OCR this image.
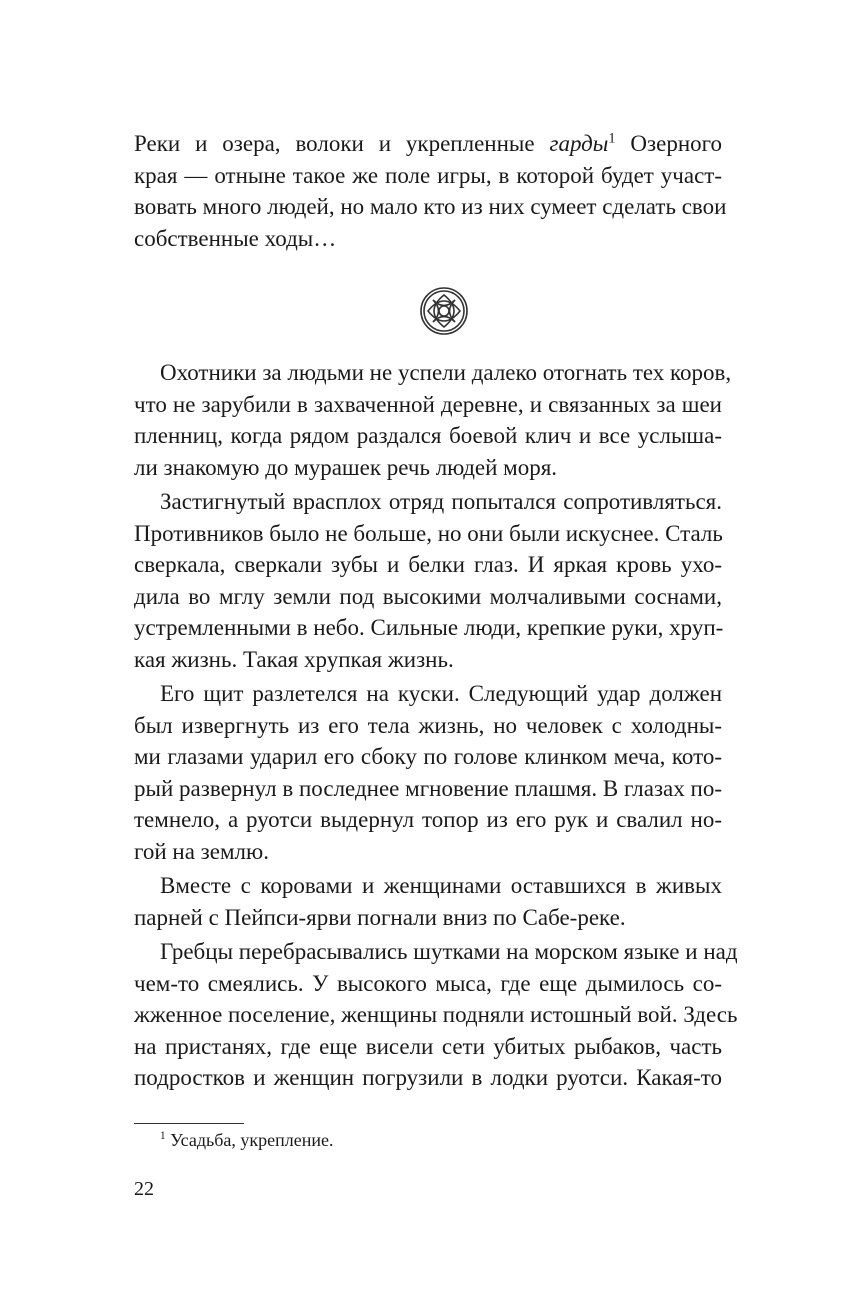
Реки и озера, волоки и укрепленные гарды$^1$ Озерного
края — отныне такое же поле игры, в которой будет участ-
вовать много людей, но мало кто из них сумеет сделать свои
собственные ходы…
Охотники за людьми не успели далеко отогнать тех коров,
что не зарубили в захваченной деревне, и связанных за шеи
пленниц, когда рядом раздался боевой клич и все услыша-
ли знакомую до мурашек речь людей моря.
Застигнутый врасплох отряд попытался сопротивляться.
Противников было не больше, но они были искуснее. Сталь
сверкала, сверкали зубы и белки глаз. И яркая кровь ухо-
дила во мглу земли под высокими молчаливыми соснами,
устремленными в небо. Сильные люди, крепкие руки, хруп-
кая жизнь. Такая хрупкая жизнь.
Его щит разлетелся на куски. Следующий удар должен
был извергнуть из его тела жизнь, но человек с холодны-
ми глазами ударил его сбоку по голове клинком меча, кото-
рый развернул в последнее мгновение плашмя. В глазах по-
темнело, а руотси выдернул топор из его рук и свалил но-
гой на землю.
Вместе с коровами и женщинами оставшихся в живых
парней с Пейпси-ярви погнали вниз по Сабе-реке.
Гребцы перебрасывались шутками на морском языке и над
чем-то смеялись. У высокого мыса, где еще дымилось со-
жженное поселение, женщины подняли истошный вой. Здесь
на пристанях, где еще висели сети убитых рыбаков, часть
подростков и женщин погрузили в лодки руотси. Какая-то
$^1$ Усадьба, укрепление.
22
